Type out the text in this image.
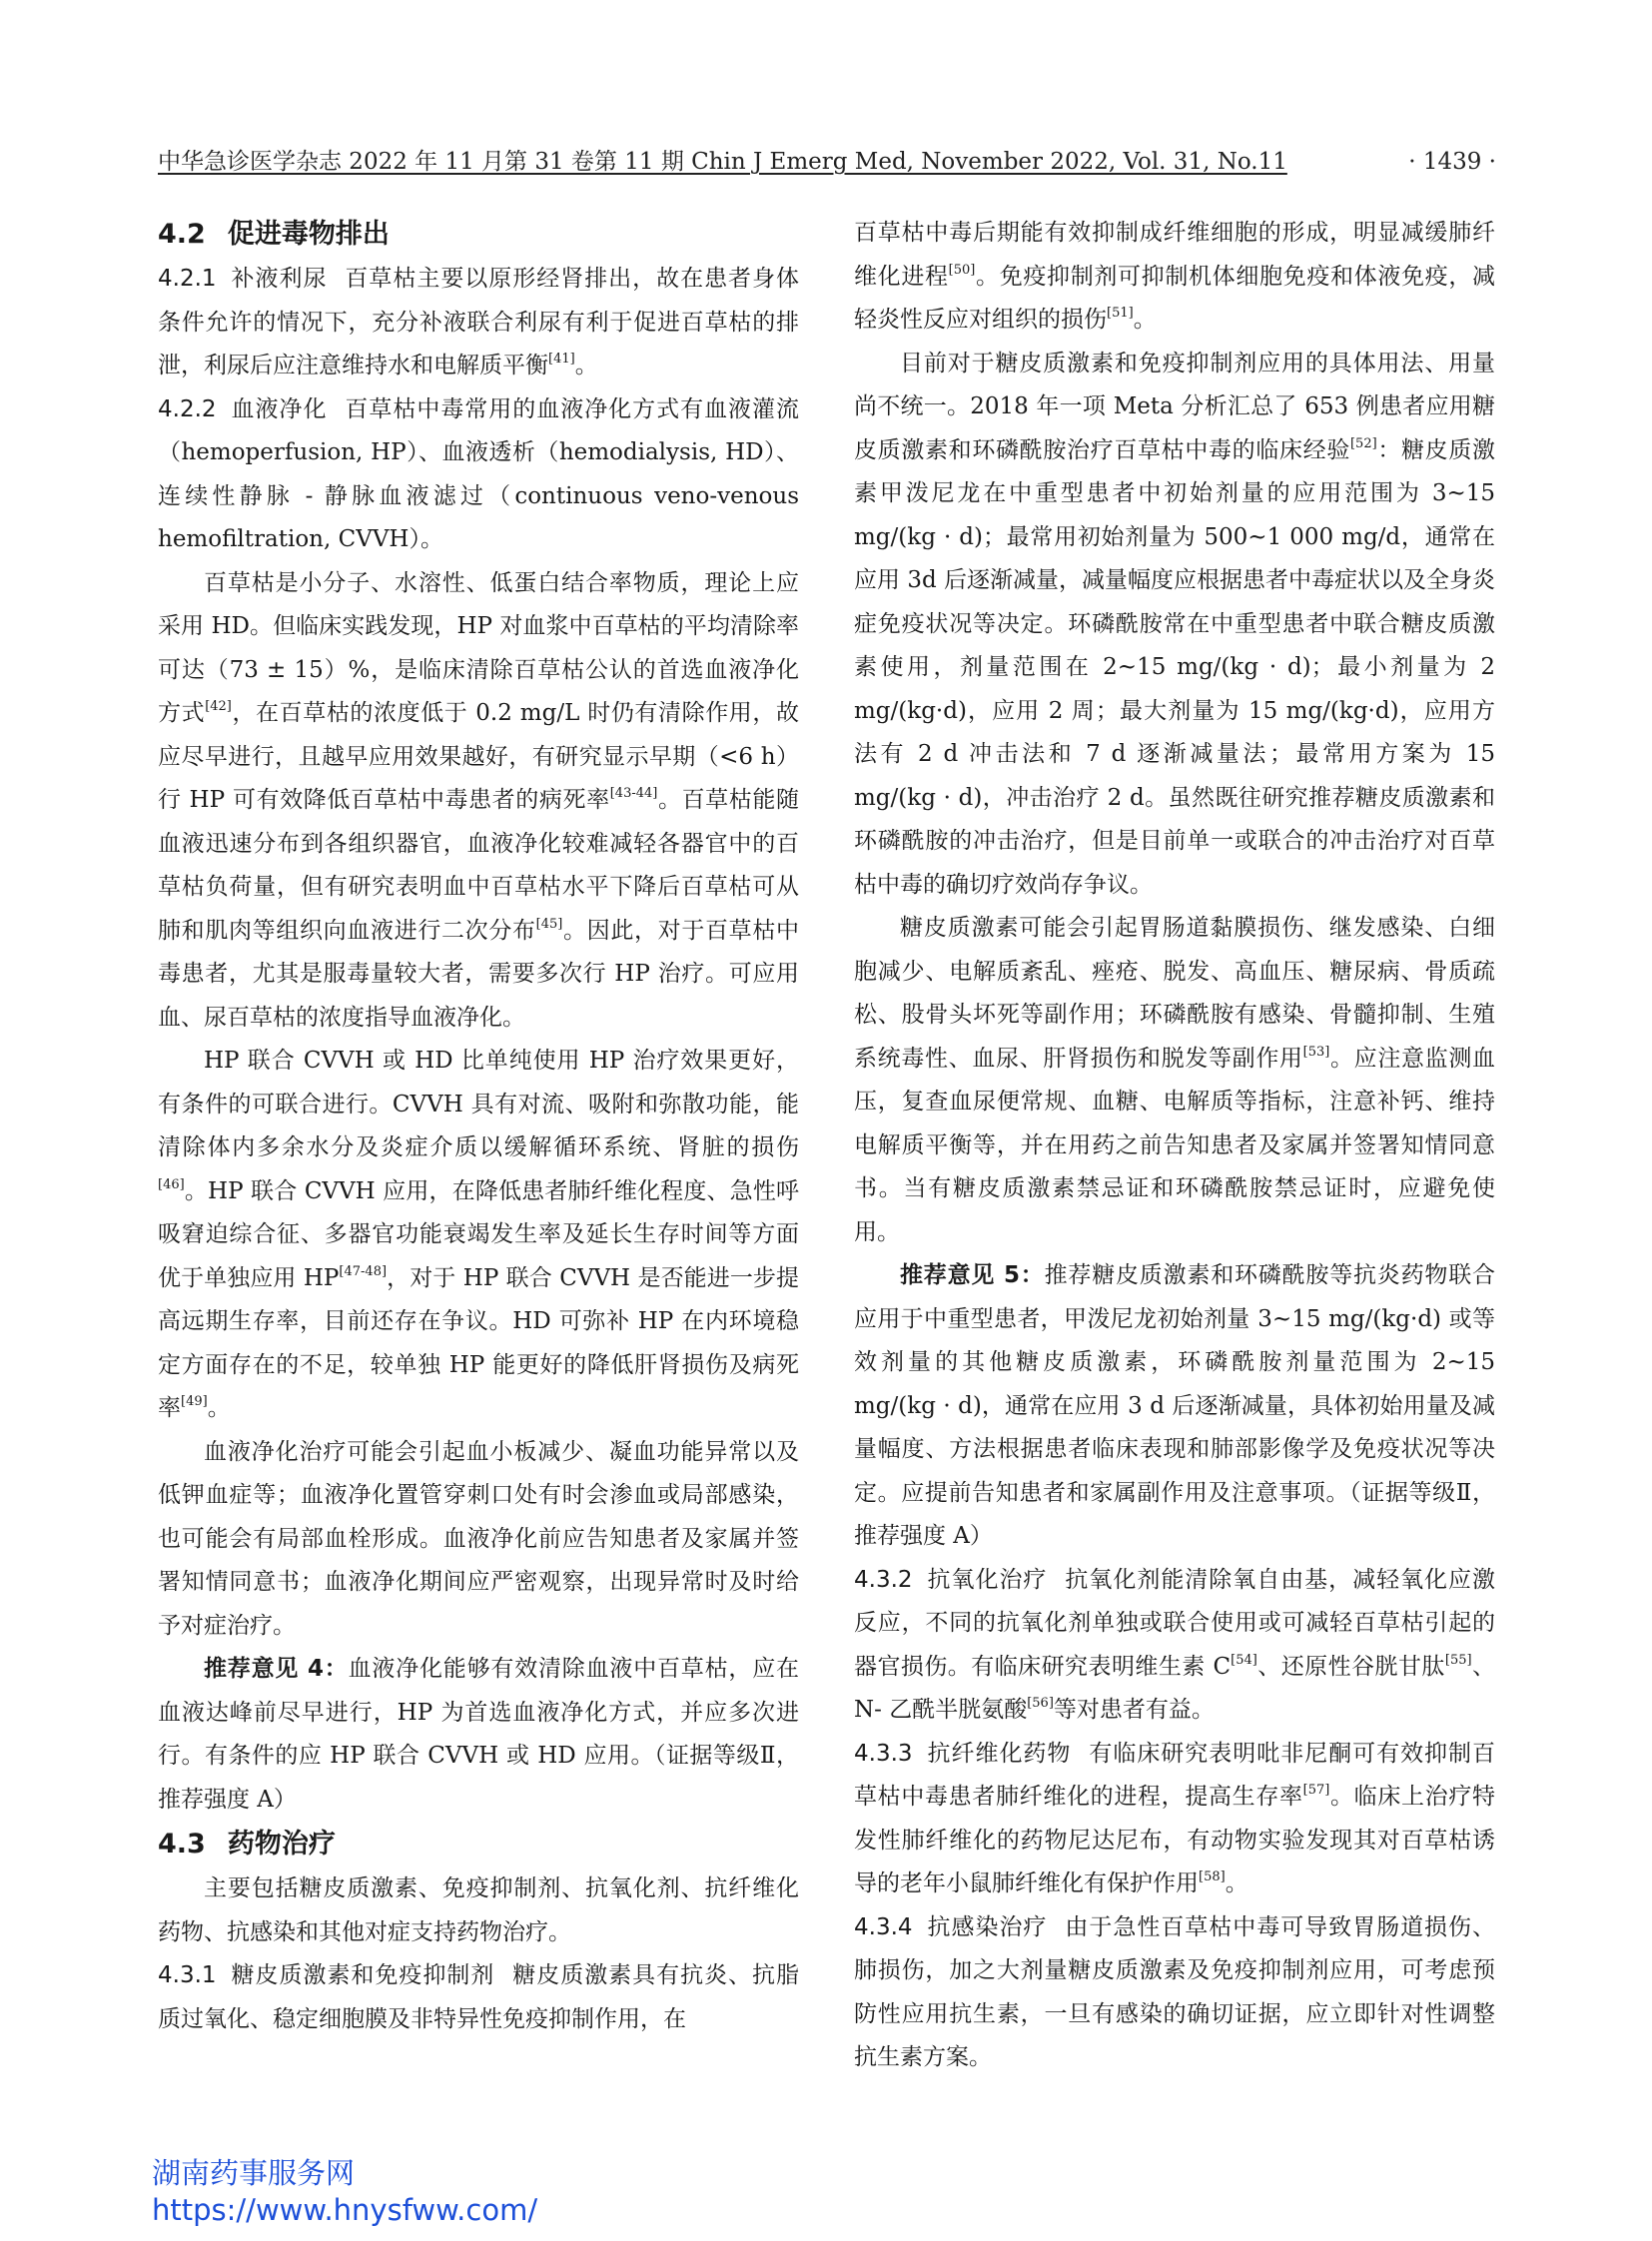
中华急诊医学杂志 2022 年 11 月第 31 卷第 11 期 Chin J Emerg Med, November 2022, Vol. 31, No.11	· 1439 ·
4.2 促进毒物排出

4.2.1 补液利尿 百草枯主要以原形经肾排出，故在患者身体条件允许的情况下，充分补液联合利尿有利于促进百草枯的排泄，利尿后应注意维持水和电解质平衡[41]。

4.2.2 血液净化 百草枯中毒常用的血液净化方式有血液灌流（hemoperfusion, HP）、血液透析（hemodialysis, HD）、连续性静脉 - 静脉血液滤过（continuous veno-venous hemofiltration, CVVH）。

百草枯是小分子、水溶性、低蛋白结合率物质，理论上应采用 HD。但临床实践发现，HP 对血浆中百草枯的平均清除率可达（73 ± 15）%，是临床清除百草枯公认的首选血液净化方式[42]，在百草枯的浓度低于 0.2 mg/L 时仍有清除作用，故应尽早进行，且越早应用效果越好，有研究显示早期（<6 h）行 HP 可有效降低百草枯中毒患者的病死率[43-44]。百草枯能随血液迅速分布到各组织器官，血液净化较难减轻各器官中的百草枯负荷量，但有研究表明血中百草枯水平下降后百草枯可从肺和肌肉等组织向血液进行二次分布[45]。因此，对于百草枯中毒患者，尤其是服毒量较大者，需要多次行 HP 治疗。可应用血、尿百草枯的浓度指导血液净化。

HP 联合 CVVH 或 HD 比单纯使用 HP 治疗效果更好，有条件的可联合进行。CVVH 具有对流、吸附和弥散功能，能清除体内多余水分及炎症介质以缓解循环系统、肾脏的损伤[46]。HP 联合 CVVH 应用，在降低患者肺纤维化程度、急性呼吸窘迫综合征、多器官功能衰竭发生率及延长生存时间等方面优于单独应用 HP[47-48]，对于 HP 联合 CVVH 是否能进一步提高远期生存率，目前还存在争议。HD 可弥补 HP 在内环境稳定方面存在的不足，较单独 HP 能更好的降低肝肾损伤及病死率[49]。

血液净化治疗可能会引起血小板减少、凝血功能异常以及低钾血症等；血液净化置管穿刺口处有时会渗血或局部感染，也可能会有局部血栓形成。血液净化前应告知患者及家属并签署知情同意书；血液净化期间应严密观察，出现异常时及时给予对症治疗。

推荐意见 4：血液净化能够有效清除血液中百草枯，应在血液达峰前尽早进行，HP 为首选血液净化方式，并应多次进行。有条件的应 HP 联合 CVVH 或 HD 应用。（证据等级Ⅱ，推荐强度 A）

4.3 药物治疗

主要包括糖皮质激素、免疫抑制剂、抗氧化剂、抗纤维化药物、抗感染和其他对症支持药物治疗。

4.3.1 糖皮质激素和免疫抑制剂 糖皮质激素具有抗炎、抗脂质过氧化、稳定细胞膜及非特异性免疫抑制作用，在

百草枯中毒后期能有效抑制成纤维细胞的形成，明显减缓肺纤维化进程[50]。免疫抑制剂可抑制机体细胞免疫和体液免疫，减轻炎性反应对组织的损伤[51]。

目前对于糖皮质激素和免疫抑制剂应用的具体用法、用量尚不统一。2018 年一项 Meta 分析汇总了 653 例患者应用糖皮质激素和环磷酰胺治疗百草枯中毒的临床经验[52]：糖皮质激素甲泼尼龙在中重型患者中初始剂量的应用范围为 3~15 mg/(kg · d)；最常用初始剂量为 500~1 000 mg/d，通常在应用 3d 后逐渐减量，减量幅度应根据患者中毒症状以及全身炎症免疫状况等决定。环磷酰胺常在中重型患者中联合糖皮质激素使用，剂量范围在 2~15 mg/(kg · d)；最小剂量为 2 mg/(kg·d)，应用 2 周；最大剂量为 15 mg/(kg·d)，应用方法有 2 d 冲击法和 7 d 逐渐减量法；最常用方案为 15 mg/(kg · d)，冲击治疗 2 d。虽然既往研究推荐糖皮质激素和环磷酰胺的冲击治疗，但是目前单一或联合的冲击治疗对百草枯中毒的确切疗效尚存争议。

糖皮质激素可能会引起胃肠道黏膜损伤、继发感染、白细胞减少、电解质紊乱、痤疮、脱发、高血压、糖尿病、骨质疏松、股骨头坏死等副作用；环磷酰胺有感染、骨髓抑制、生殖系统毒性、血尿、肝肾损伤和脱发等副作用[53]。应注意监测血压，复查血尿便常规、血糖、电解质等指标，注意补钙、维持电解质平衡等，并在用药之前告知患者及家属并签署知情同意书。当有糖皮质激素禁忌证和环磷酰胺禁忌证时，应避免使用。

推荐意见 5：推荐糖皮质激素和环磷酰胺等抗炎药物联合应用于中重型患者，甲泼尼龙初始剂量 3~15 mg/(kg·d) 或等效剂量的其他糖皮质激素，环磷酰胺剂量范围为 2~15 mg/(kg · d)，通常在应用 3 d 后逐渐减量，具体初始用量及减量幅度、方法根据患者临床表现和肺部影像学及免疫状况等决定。应提前告知患者和家属副作用及注意事项。（证据等级Ⅱ，推荐强度 A）

4.3.2 抗氧化治疗 抗氧化剂能清除氧自由基，减轻氧化应激反应，不同的抗氧化剂单独或联合使用或可减轻百草枯引起的器官损伤。有临床研究表明维生素 C[54]、还原性谷胱甘肽[55]、N- 乙酰半胱氨酸[56]等对患者有益。

4.3.3 抗纤维化药物 有临床研究表明吡非尼酮可有效抑制百草枯中毒患者肺纤维化的进程，提高生存率[57]。临床上治疗特发性肺纤维化的药物尼达尼布，有动物实验发现其对百草枯诱导的老年小鼠肺纤维化有保护作用[58]。

4.3.4 抗感染治疗 由于急性百草枯中毒可导致胃肠道损伤、肺损伤，加之大剂量糖皮质激素及免疫抑制剂应用，可考虑预防性应用抗生素，一旦有感染的确切证据，应立即针对性调整抗生素方案。

湖南药事服务网
https://www.hnysfww.com/
